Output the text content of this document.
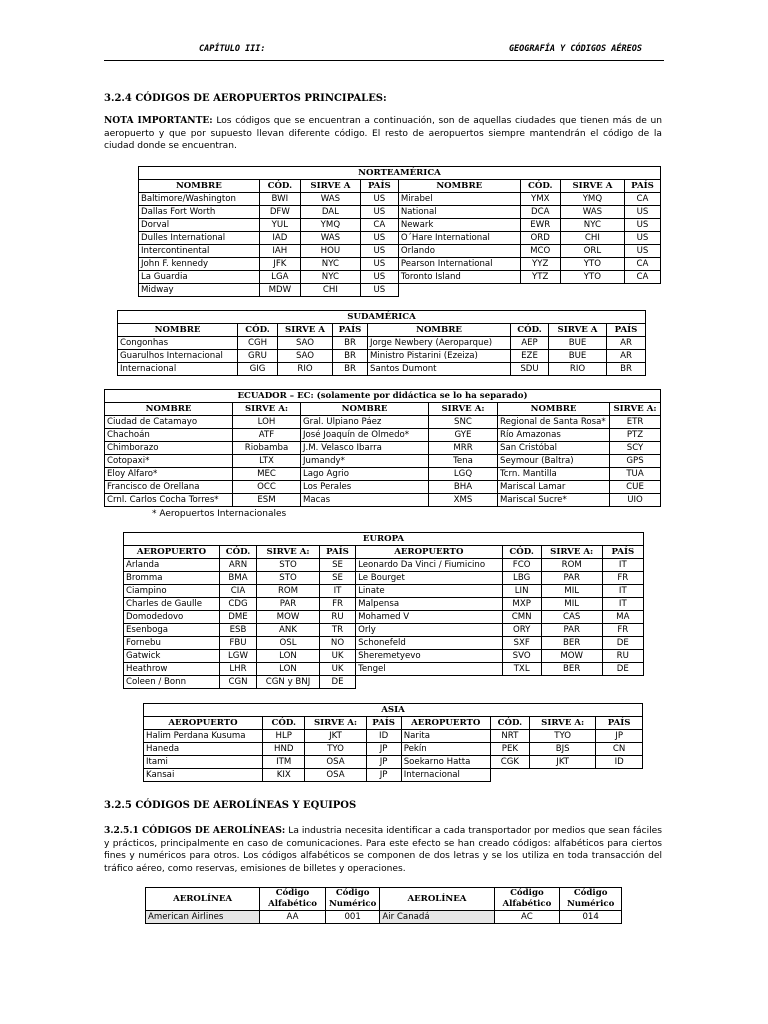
CAPÍTULO III:	GEOGRAFÍA Y CÓDIGOS AÉREOS
3.2.4 CÓDIGOS DE AEROPUERTOS PRINCIPALES:
NOTA IMPORTANTE: Los códigos que se encuentran a continuación, son de aquellas ciudades que tienen más de un aeropuerto y que por supuesto llevan diferente código. El resto de aeropuertos siempre mantendrán el código de la ciudad donde se encuentran.
NORTEAMÉRICA							
NOMBRE	CÓD.	SIRVE A	PAÍS	NOMBRE	CÓD.	SIRVE A	PAÍS
Baltimore/Washington	BWI	WAS	US	Mirabel	YMX	YMQ	CA
Dallas Fort Worth	DFW	DAL	US	National	DCA	WAS	US
Dorval	YUL	YMQ	CA	Newark	EWR	NYC	US
Dulles International	IAD	WAS	US	O´Hare International	ORD	CHI	US
Intercontinental	IAH	HOU	US	Orlando	MCO	ORL	US
John F. kennedy	JFK	NYC	US	Pearson International	YYZ	YTO	CA
La Guardia	LGA	NYC	US	Toronto Island	YTZ	YTO	CA
Midway	MDW	CHI	US				
SUDAMÉRICA							
NOMBRE	CÓD.	SIRVE A	PAÍS	NOMBRE	CÓD.	SIRVE A	PAÍS
Congonhas	CGH	SAO	BR	Jorge Newbery (Aeroparque)	AEP	BUE	AR
Guarulhos Internacional	GRU	SAO	BR	Ministro Pistarini (Ezeiza)	EZE	BUE	AR
Internacional	GIG	RIO	BR	Santos Dumont	SDU	RIO	BR
ECUADOR – EC: (solamente por didáctica se lo ha separado)					
NOMBRE	SIRVE A:	NOMBRE	SIRVE A:	NOMBRE	SIRVE A:
Ciudad de Catamayo	LOH	Gral. Ulpiano Páez	SNC	Regional de Santa Rosa*	ETR
Chachoán	ATF	José Joaquín de Olmedo*	GYE	Río Amazonas	PTZ
Chimborazo	Riobamba	J.M. Velasco Ibarra	MRR	San Cristóbal	SCY
Cotopaxi*	LTX	Jumandy*	Tena	Seymour (Baltra)	GPS
Eloy Alfaro*	MEC	Lago Agrio	LGQ	Tcrn. Mantilla	TUA
Francisco de Orellana	OCC	Los Perales	BHA	Mariscal Lamar	CUE
Crnl. Carlos Cocha Torres*	ESM	Macas	XMS	Mariscal Sucre*	UIO
* Aeropuertos Internacionales
EUROPA							
AEROPUERTO	CÓD.	SIRVE A:	PAÍS	AEROPUERTO	CÓD.	SIRVE A:	PAÍS
Arlanda	ARN	STO	SE	Leonardo Da Vinci / Fiumicino	FCO	ROM	IT
Bromma	BMA	STO	SE	Le Bourget	LBG	PAR	FR
Ciampino	CIA	ROM	IT	Linate	LIN	MIL	IT
Charles de Gaulle	CDG	PAR	FR	Malpensa	MXP	MIL	IT
Domodedovo	DME	MOW	RU	Mohamed V	CMN	CAS	MA
Esenboga	ESB	ANK	TR	Orly	ORY	PAR	FR
Fornebu	FBU	OSL	NO	Schonefeld	SXF	BER	DE
Gatwick	LGW	LON	UK	Sheremetyevo	SVO	MOW	RU
Heathrow	LHR	LON	UK	Tengel	TXL	BER	DE
Coleen / Bonn	CGN	CGN y BNJ	DE				
ASIA							
AEROPUERTO	CÓD.	SIRVE A:	PAÍS	AEROPUERTO	CÓD.	SIRVE A:	PAÍS
Halim Perdana Kusuma	HLP	JKT	ID	Narita	NRT	TYO	JP
Haneda	HND	TYO	JP	Pekín	PEK	BJS	CN
Itami	ITM	OSA	JP	Soekarno Hatta	CGK	JKT	ID
Kansai	KIX	OSA	JP	Internacional			
3.2.5 CÓDIGOS DE AEROLÍNEAS Y EQUIPOS
3.2.5.1 CÓDIGOS DE AEROLÍNEAS: La industria necesita identificar a cada transportador por medios que sean fáciles y prácticos, principalmente en caso de comunicaciones. Para este efecto se han creado códigos: alfabéticos para ciertos fines y numéricos para otros. Los códigos alfabéticos se componen de dos letras y se los utiliza en toda transacción del tráfico aéreo, como reservas, emisiones de billetes y operaciones.
AEROLÍNEA	Código Alfabético	Código Numérico	AEROLÍNEA	Código Alfabético	Código Numérico
American Airlines	AA	001	Air Canadá	AC	014
